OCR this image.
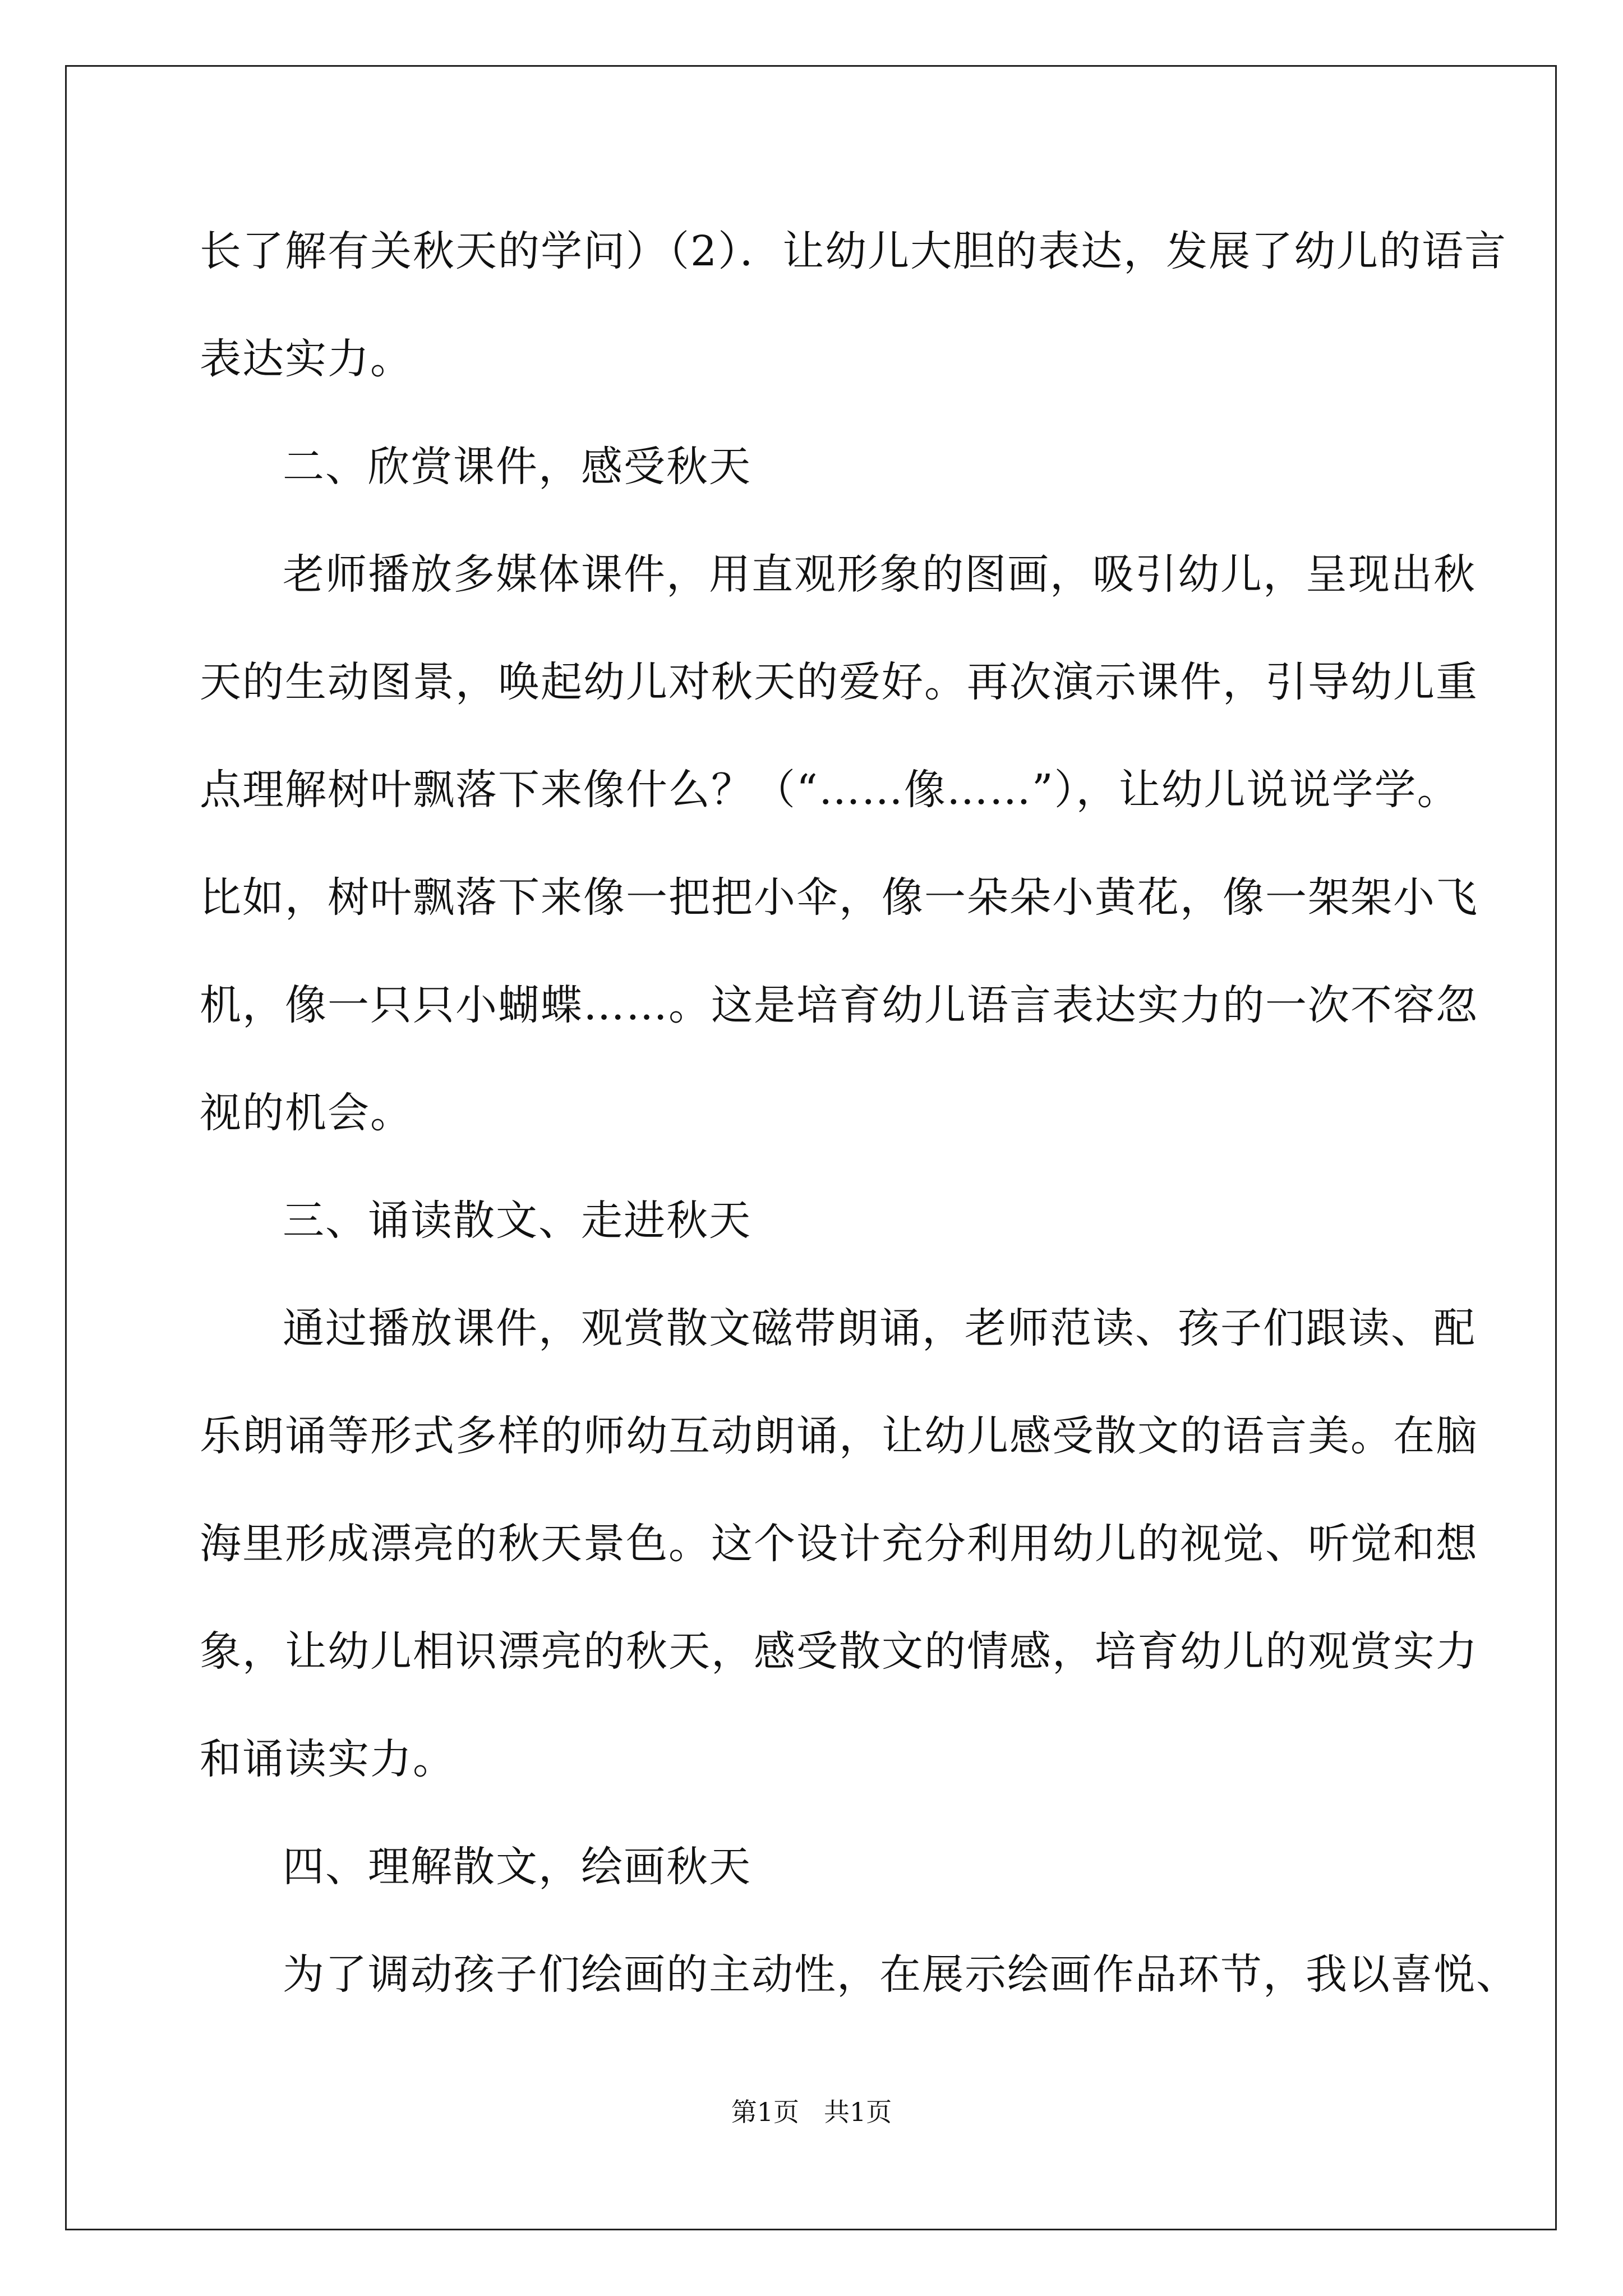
长了解有关秋天的学问）（2）．让幼儿大胆的表达，发展了幼儿的语言
表达实力。
二、欣赏课件，感受秋天
老师播放多媒体课件，用直观形象的图画，吸引幼儿，呈现出秋
天的生动图景，唤起幼儿对秋天的爱好。再次演示课件，引导幼儿重
点理解树叶飘落下来像什么？（“……像……”），让幼儿说说学学。
比如，树叶飘落下来像一把把小伞，像一朵朵小黄花，像一架架小飞
机，像一只只小蝴蝶……。这是培育幼儿语言表达实力的一次不容忽
视的机会。
三、诵读散文、走进秋天
通过播放课件，观赏散文磁带朗诵，老师范读、孩子们跟读、配
乐朗诵等形式多样的师幼互动朗诵，让幼儿感受散文的语言美。在脑
海里形成漂亮的秋天景色。这个设计充分利用幼儿的视觉、听觉和想
象，让幼儿相识漂亮的秋天，感受散文的情感，培育幼儿的观赏实力
和诵读实力。
四、理解散文，绘画秋天
为了调动孩子们绘画的主动性，在展示绘画作品环节，我以喜悦、
第1页 共1页
